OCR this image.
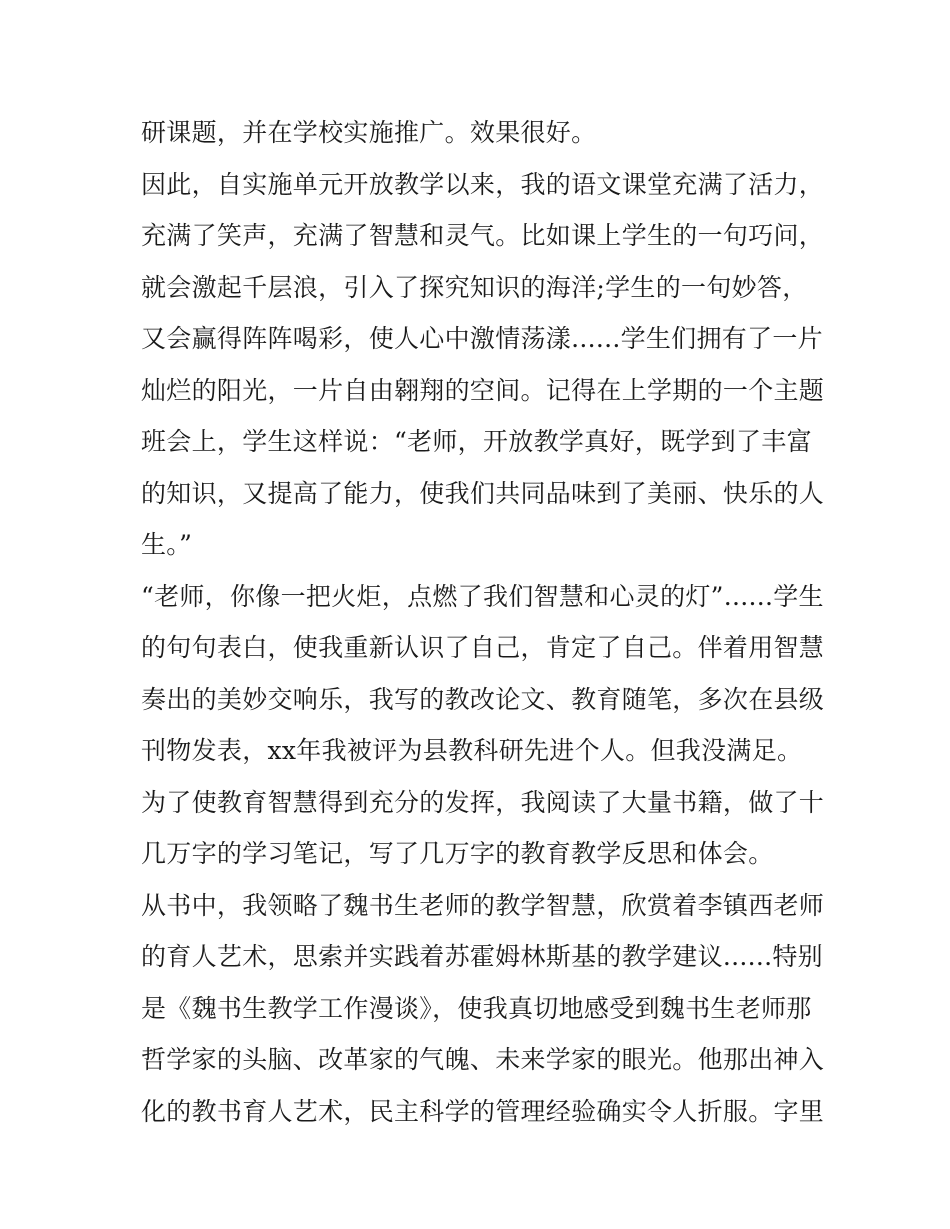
研课题，并在学校实施推广。效果很好。
因此，自实施单元开放教学以来，我的语文课堂充满了活力，
充满了笑声，充满了智慧和灵气。比如课上学生的一句巧问，
就会激起千层浪，引入了探究知识的海洋;学生的一句妙答，
又会赢得阵阵喝彩，使人心中激情荡漾......学生们拥有了一片
灿烂的阳光，一片自由翱翔的空间。记得在上学期的一个主题
班会上，学生这样说：“老师，开放教学真好，既学到了丰富
的知识，又提高了能力，使我们共同品味到了美丽、快乐的人
生。”
“老师，你像一把火炬，点燃了我们智慧和心灵的灯”......学生
的句句表白，使我重新认识了自己，肯定了自己。伴着用智慧
奏出的美妙交响乐，我写的教改论文、教育随笔，多次在县级
刊物发表，xx年我被评为县教科研先进个人。但我没满足。
为了使教育智慧得到充分的发挥，我阅读了大量书籍，做了十
几万字的学习笔记，写了几万字的教育教学反思和体会。
从书中，我领略了魏书生老师的教学智慧，欣赏着李镇西老师
的育人艺术，思索并实践着苏霍姆林斯基的教学建议......特别
是《魏书生教学工作漫谈》，使我真切地感受到魏书生老师那
哲学家的头脑、改革家的气魄、未来学家的眼光。他那出神入
化的教书育人艺术，民主科学的管理经验确实令人折服。字里
